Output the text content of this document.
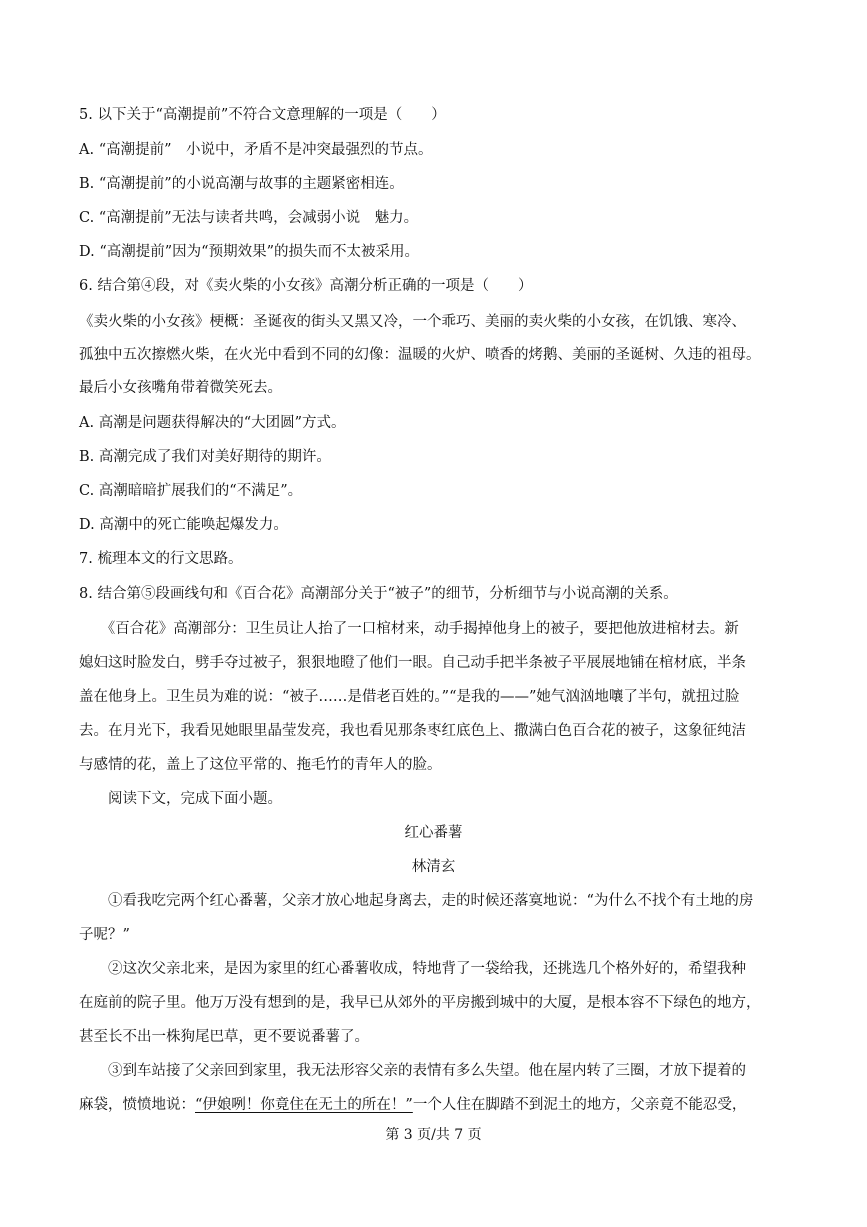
5. 以下关于“高潮提前”不符合文意理解的一项是（　　）
A. “高潮提前”　小说中，矛盾不是冲突最强烈的节点。
B. “高潮提前”的小说高潮与故事的主题紧密相连。
C. “高潮提前”无法与读者共鸣，会减弱小说　魅力。
D. “高潮提前”因为“预期效果”的损失而不太被采用。
6. 结合第④段，对《卖火柴的小女孩》高潮分析正确的一项是（　　）
《卖火柴的小女孩》梗概：圣诞夜的街头又黑又冷，一个乖巧、美丽的卖火柴的小女孩，在饥饿、寒冷、
孤独中五次擦燃火柴，在火光中看到不同的幻像：温暖的火炉、喷香的烤鹅、美丽的圣诞树、久违的祖母。
最后小女孩嘴角带着微笑死去。
A. 高潮是问题获得解决的“大团圆”方式。
B. 高潮完成了我们对美好期待的期许。
C. 高潮暗暗扩展我们的“不满足”。
D. 高潮中的死亡能唤起爆发力。
7. 梳理本文的行文思路。
8. 结合第⑤段画线句和《百合花》高潮部分关于“被子”的细节，分析细节与小说高潮的关系。
　　《百合花》高潮部分：卫生员让人抬了一口棺材来，动手揭掉他身上的被子，要把他放进棺材去。新
媳妇这时脸发白，劈手夺过被子，狠狠地瞪了他们一眼。自己动手把半条被子平展展地铺在棺材底，半条
盖在他身上。卫生员为难的说：“被子……是借老百姓的。”“是我的——”她气汹汹地嚷了半句，就扭过脸
去。在月光下，我看见她眼里晶莹发亮，我也看见那条枣红底色上、撒满白色百合花的被子，这象征纯洁
与感情的花，盖上了这位平常的、拖毛竹的青年人的脸。
　　阅读下文，完成下面小题。
红心番薯
林清玄
　　①看我吃完两个红心番薯，父亲才放心地起身离去，走的时候还落寞地说：“为什么不找个有土地的房
子呢？”
　　②这次父亲北来，是因为家里的红心番薯收成，特地背了一袋给我，还挑选几个格外好的，希望我种
在庭前的院子里。他万万没有想到的是，我早已从郊外的平房搬到城中的大厦，是根本容不下绿色的地方，
甚至长不出一株狗尾巴草，更不要说番薯了。
　　③到车站接了父亲回到家里，我无法形容父亲的表情有多么失望。他在屋内转了三圈，才放下提着的
麻袋，愤愤地说：“伊娘咧！你竟住在无土的所在！”一个人住在脚踏不到泥土的地方，父亲竟不能忍受，
第 3 页/共 7 页
